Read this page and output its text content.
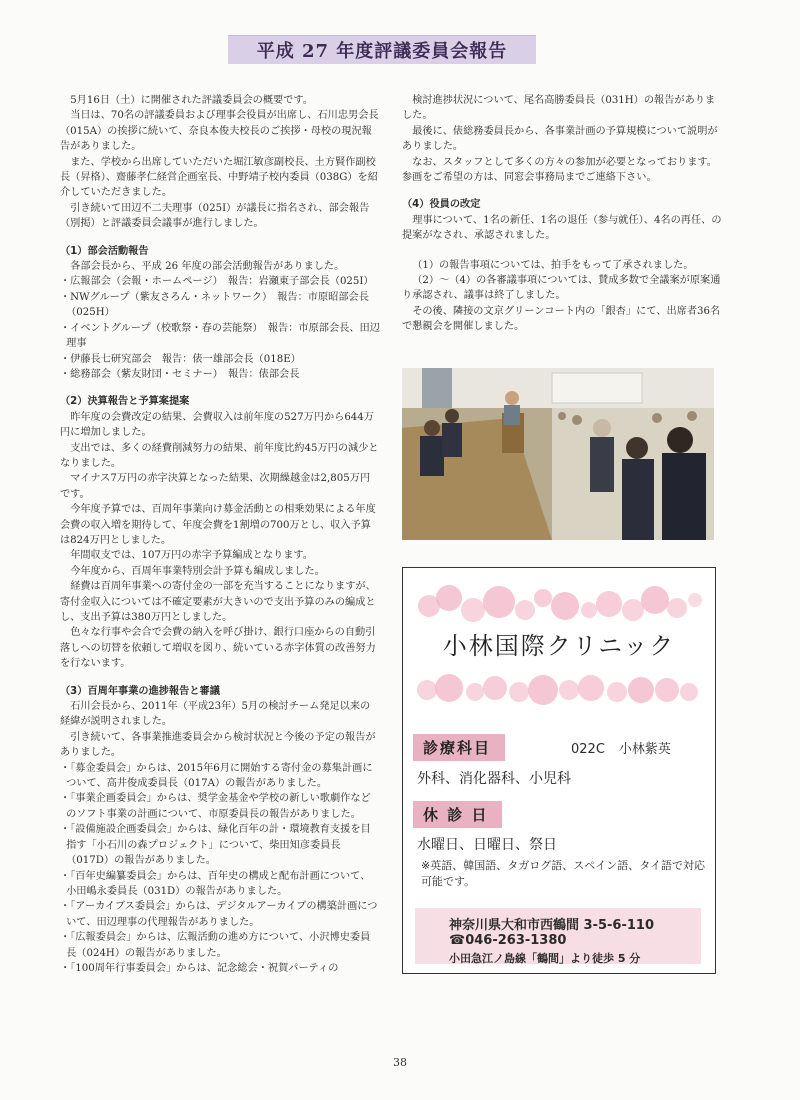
平成 27 年度評議委員会報告

5月16日（土）に開催された評議委員会の概要です。

当日は、70名の評議委員および理事会役員が出席し、石川忠男会長（015A）の挨拶に続いて、奈良本俊夫校長のご挨拶・母校の現況報告がありました。

また、学校から出席していただいた堀江敏彦副校長、土方賢作副校長（昇格）、齋藤孝仁経営企画室長、中野靖子校内委員（038G）を紹介していただきました。

引き続いて田辺不二夫理事（025I）が議長に指名され、部会報告（別掲）と評議委員会議事が進行しました。

（1）部会活動報告

各部会長から、平成 26 年度の部会活動報告がありました。

・広報部会（会報・ホームページ）　報告：岩瀬東子部会長（025I）

・NWグループ（紫友さろん・ネットワーク）　報告：市原昭部会長（025H）

・イベントグループ（校歌祭・春の芸能祭）　報告：市原部会長、田辺理事

・伊藤長七研究部会　報告：俵一雄部会長（018E）

・総務部会（紫友財団・セミナー）　報告：俵部会長

（2）決算報告と予算案提案

昨年度の会費改定の結果、会費収入は前年度の527万円から644万円に増加しました。

支出では、多くの経費削減努力の結果、前年度比約45万円の減少となりました。

マイナス7万円の赤字決算となった結果、次期繰越金は2,805万円です。

今年度予算では、百周年事業向け募金活動との相乗効果による年度会費の収入増を期待して、年度会費を1割増の700万とし、収入予算は824万円としました。

年間収支では、107万円の赤字予算編成となります。

今年度から、百周年事業特別会計予算も編成しました。

経費は百周年事業への寄付金の一部を充当することになりますが、寄付金収入については不確定要素が大きいので支出予算のみの編成とし、支出予算は380万円としました。

色々な行事や会合で会費の納入を呼び掛け、銀行口座からの自動引落しへの切替を依頼して増収を図り、続いている赤字体質の改善努力を行ないます。

（3）百周年事業の進捗報告と審議

石川会長から、2011年（平成23年）5月の検討チーム発足以来の経緯が説明されました。

引き続いて、各事業推進委員会から検討状況と今後の予定の報告がありました。

・「募金委員会」からは、2015年6月に開始する寄付金の募集計画について、高井俊成委員長（017A）の報告がありました。

・「事業企画委員会」からは、奨学金基金や学校の新しい歌劇作などのソフト事業の計画について、市原委員長の報告がありました。

・「設備施設企画委員会」からは、緑化百年の計・環境教育支援を目指す「小石川の森プロジェクト」について、柴田知彦委員長（017D）の報告がありました。

・「百年史編纂委員会」からは、百年史の構成と配布計画について、小田嶋永委員長（031D）の報告がありました。

・「アーカイブス委員会」からは、デジタルアーカイブの構築計画について、田辺理事の代理報告がありました。

・「広報委員会」からは、広報活動の進め方について、小沢博史委員長（024H）の報告がありました。

・「100周年行事委員会」からは、記念総会・祝賀パーティの

検討進捗状況について、尾名高勝委員長（031H）の報告がありました。

最後に、俵総務委員長から、各事業計画の予算規模について説明がありました。

なお、スタッフとして多くの方々の参加が必要となっております。参画をご希望の方は、同窓会事務局までご連絡下さい。

（4）役員の改定

理事について、1名の新任、1名の退任（参与就任）、4名の再任、の提案がなされ、承認されました。

（1）の報告事項については、拍手をもって了承されました。

（2）～（4）の各審議事項については、賛成多数で全議案が原案通り承認され、議事は終了しました。

その後、隣接の文京グリーンコート内の「銀杏」にて、出席者36名で懇親会を開催しました。

小林国際クリニック
診療科目	022C 小林紫英
外科、消化器科、小児科
休 診 日
水曜日、日曜日、祭日
※英語、韓国語、タガログ語、スペイン語、タイ語で対応可能です。
神奈川県大和市西鶴間 3-5-6-110
☎046-263-1380
小田急江ノ島線「鶴間」より徒歩 5 分
38
